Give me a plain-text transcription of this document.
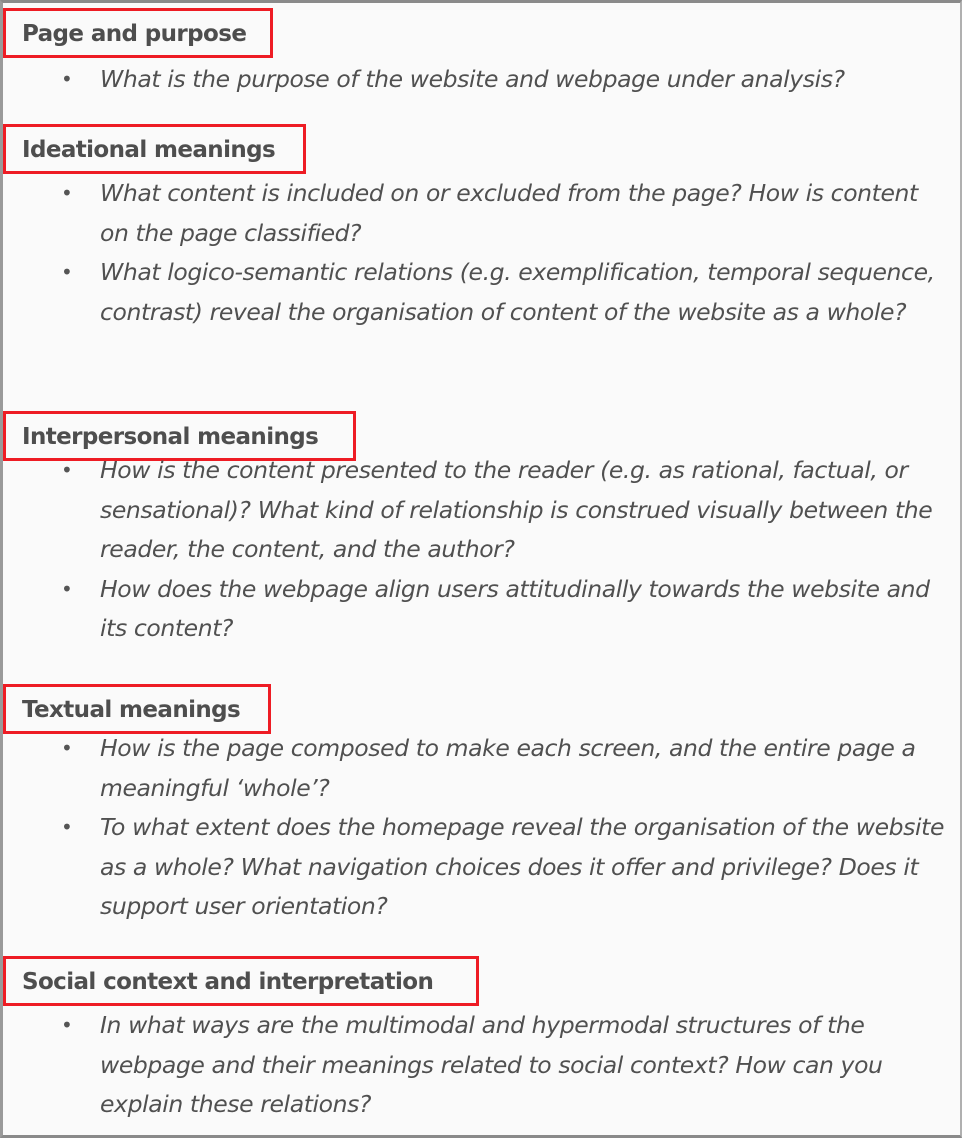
Page and purpose
• What is the purpose of the website and webpage under analysis?
Ideational meanings
• What content is included on or excluded from the page? How is content on the page classified?
• What logico-semantic relations (e.g. exemplification, temporal sequence, contrast) reveal the organisation of content of the website as a whole?
Interpersonal meanings
• How is the content presented to the reader (e.g. as rational, factual, or sensational)? What kind of relationship is construed visually between the reader, the content, and the author?
• How does the webpage align users attitudinally towards the website and its content?
Textual meanings
• How is the page composed to make each screen, and the entire page a meaningful ‘whole’?
• To what extent does the homepage reveal the organisation of the website as a whole? What navigation choices does it offer and privilege? Does it support user orientation?
Social context and interpretation
• In what ways are the multimodal and hypermodal structures of the webpage and their meanings related to social context? How can you explain these relations?
